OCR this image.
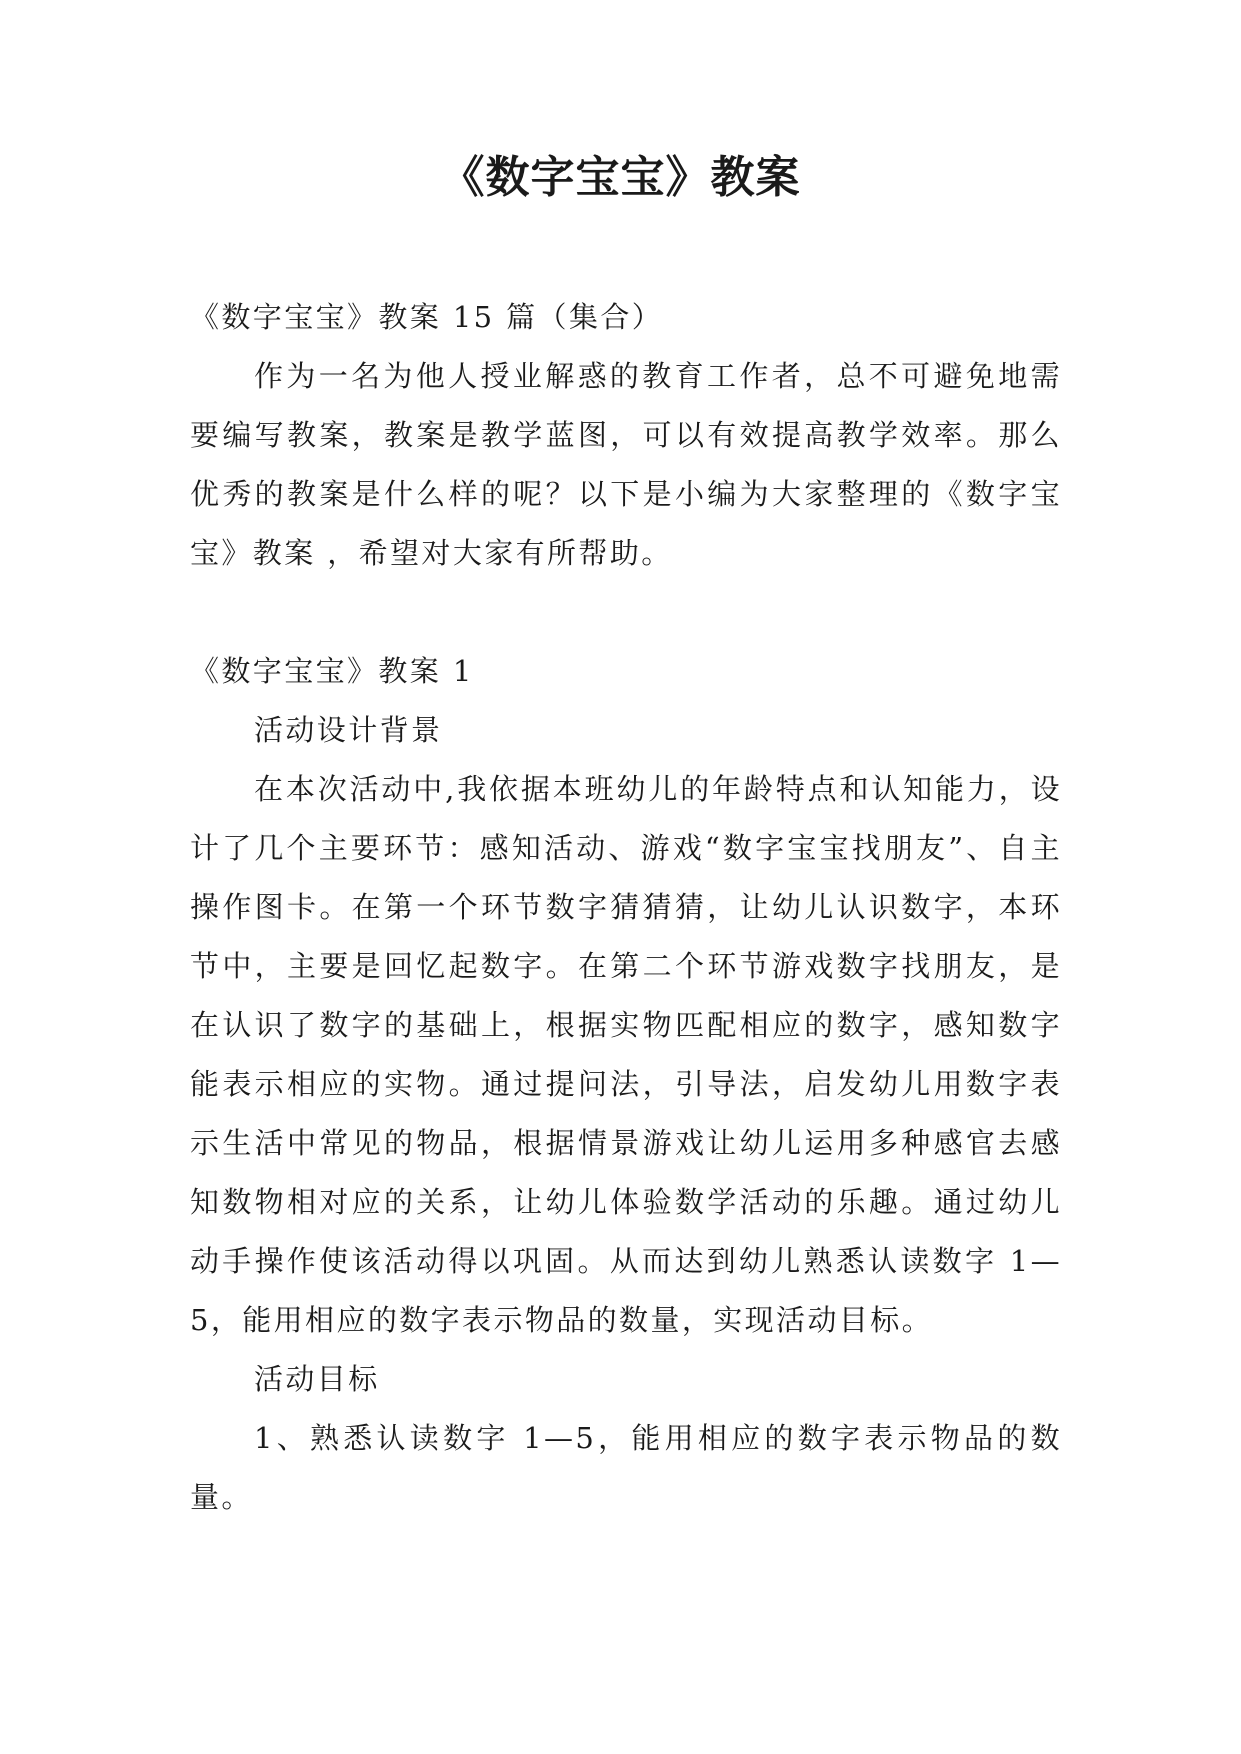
《数字宝宝》教案

《数字宝宝》教案 15 篇（集合）

作为一名为他人授业解惑的教育工作者，总不可避免地需要编写教案，教案是教学蓝图，可以有效提高教学效率。那么优秀的教案是什么样的呢？以下是小编为大家整理的《数字宝宝》教案 ，希望对大家有所帮助。

《数字宝宝》教案 1

活动设计背景

在本次活动中,我依据本班幼儿的年龄特点和认知能力，设计了几个主要环节：感知活动、游戏“数字宝宝找朋友”、自主操作图卡。在第一个环节数字猜猜猜，让幼儿认识数字，本环节中，主要是回忆起数字。在第二个环节游戏数字找朋友，是在认识了数字的基础上，根据实物匹配相应的数字，感知数字能表示相应的实物。通过提问法，引导法，启发幼儿用数字表示生活中常见的物品，根据情景游戏让幼儿运用多种感官去感知数物相对应的关系，让幼儿体验数学活动的乐趣。通过幼儿动手操作使该活动得以巩固。从而达到幼儿熟悉认读数字 1—5，能用相应的数字表示物品的数量，实现活动目标。

活动目标

1、熟悉认读数字 1—5，能用相应的数字表示物品的数量。
